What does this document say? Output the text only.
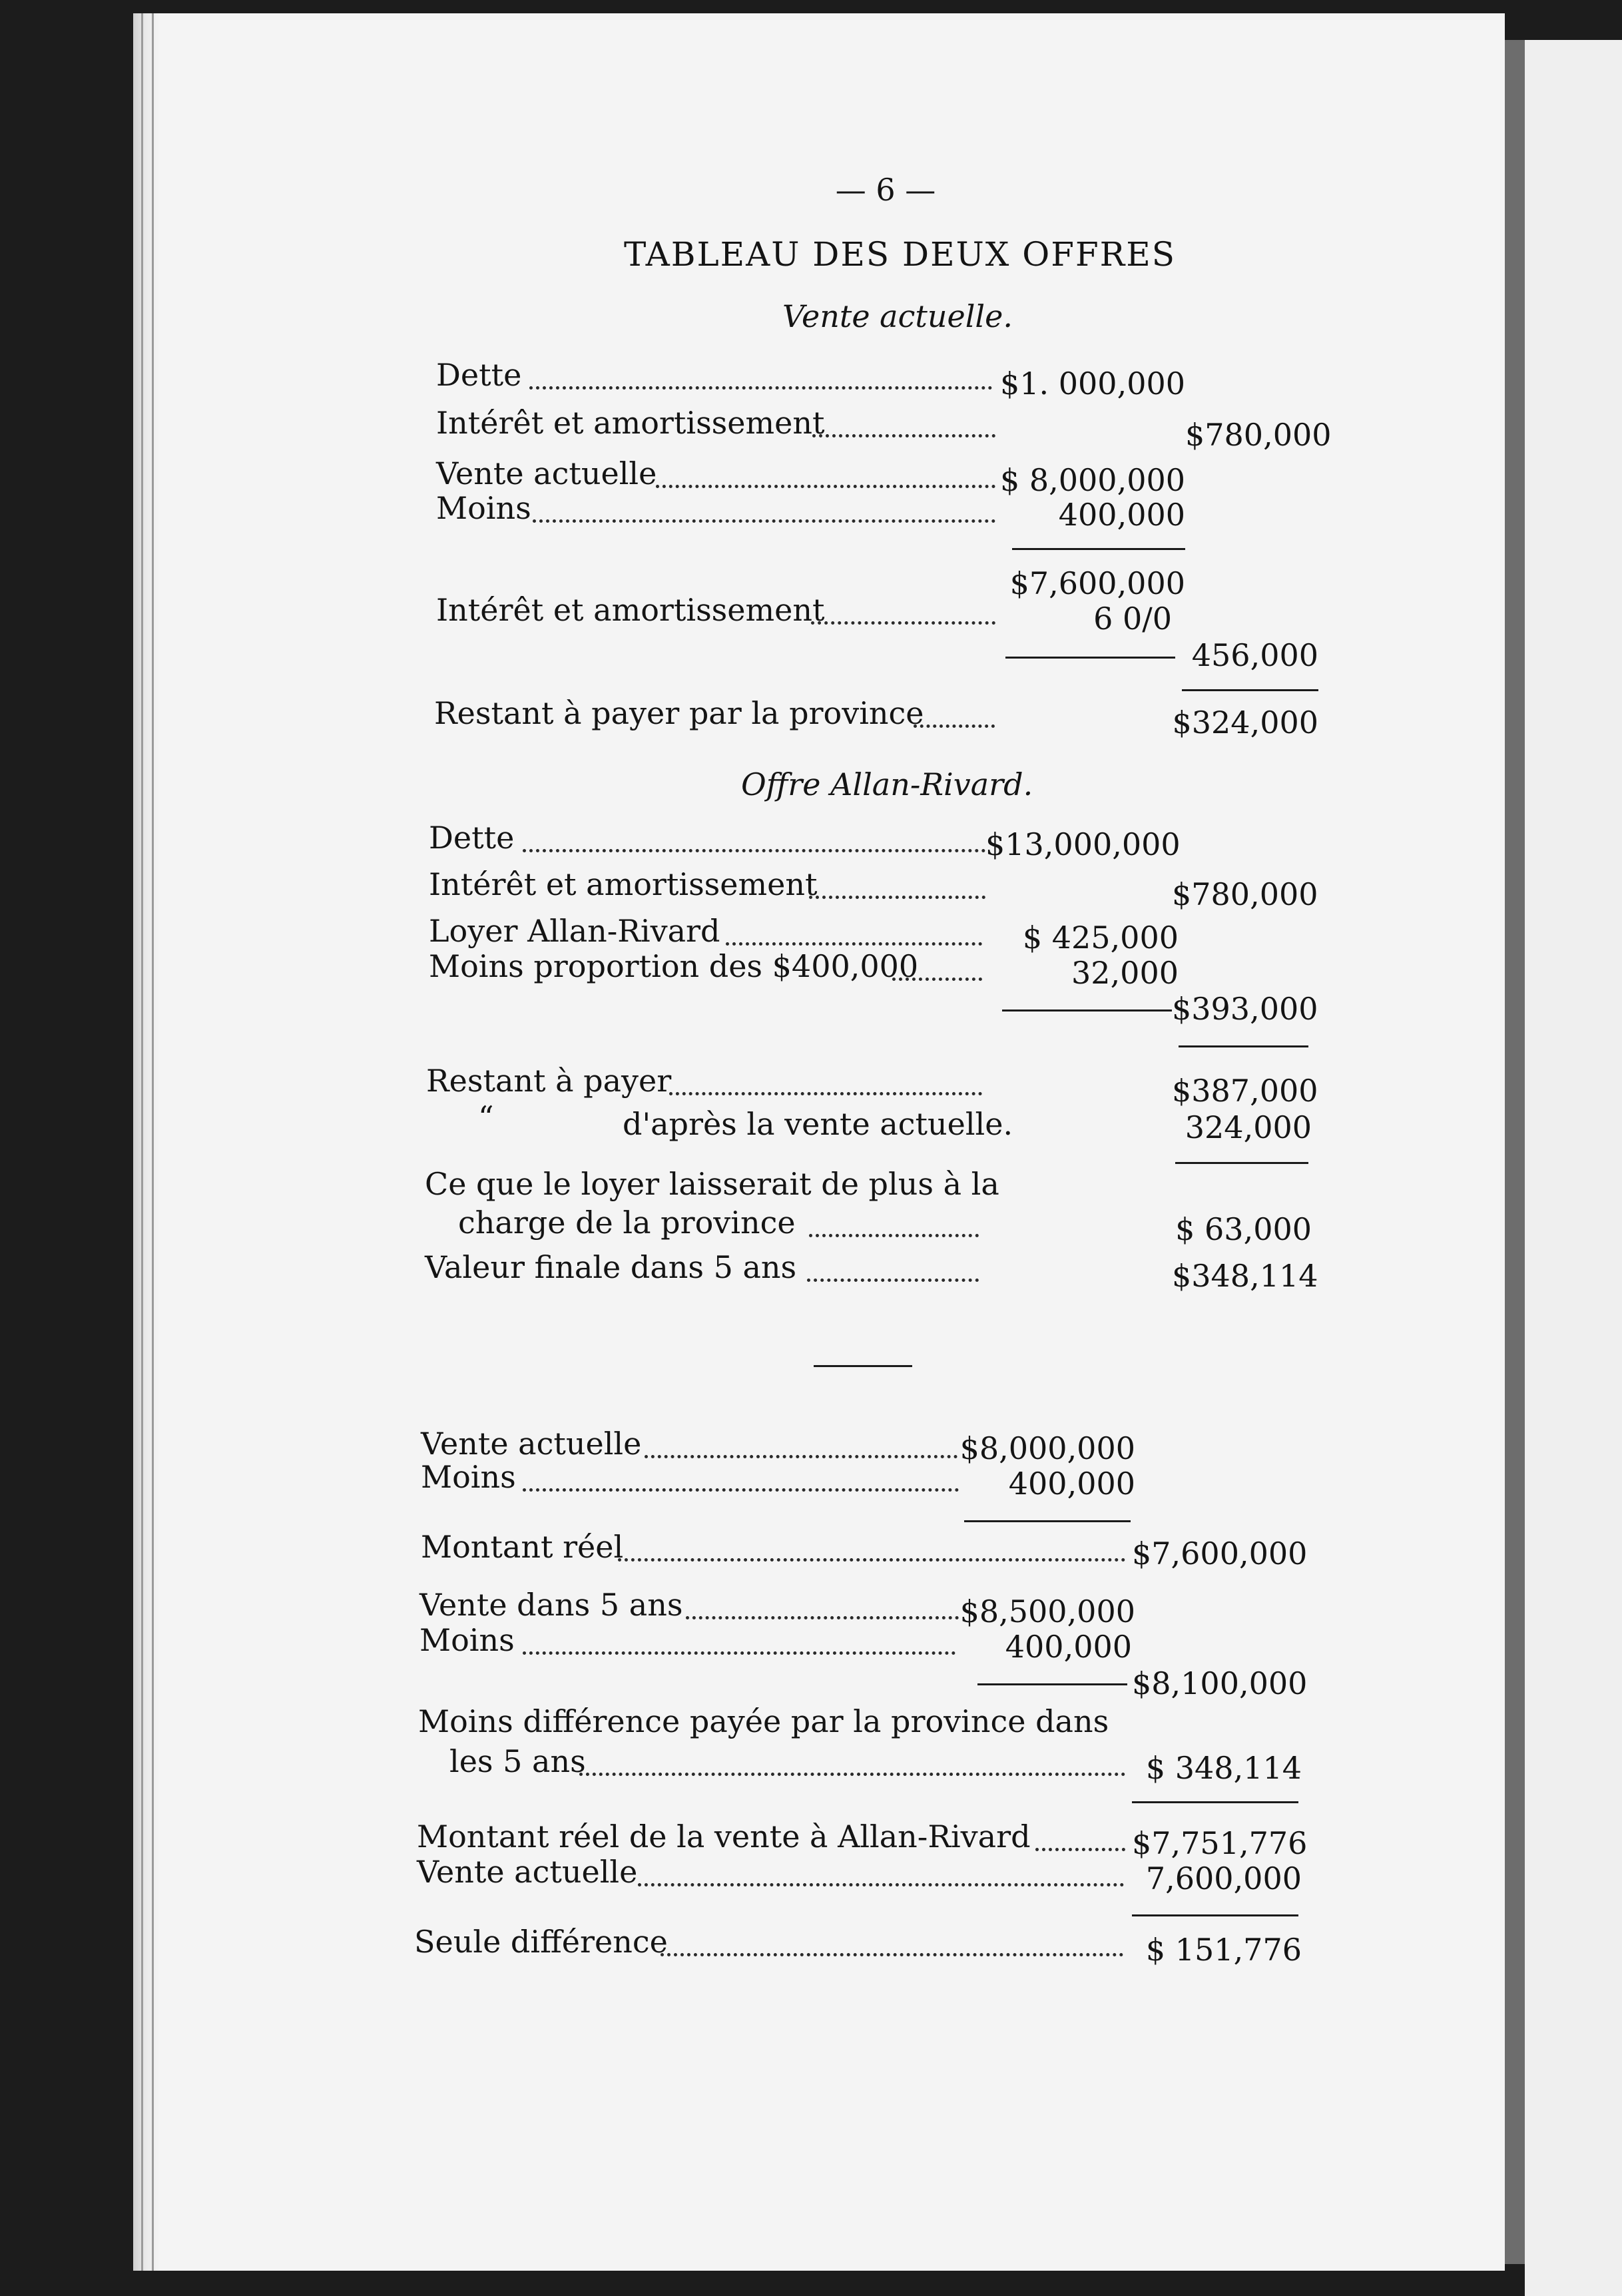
— 6 —
TABLEAU DES DEUX OFFRES
Vente actuelle.
Dette	$1. 000,000
Intérêt et amortissement	$780,000
Vente actuelle	$ 8,000,000
Moins	400,000
$7,600,000
Intérêt et amortissement	6 0/0
456,000
Restant à payer par la province	$324,000
Offre Allan-Rivard.
Dette	$13,000,000
Intérêt et amortissement	$780,000
Loyer Allan-Rivard	$ 425,000
Moins proportion des $400,000	32,000
$393,000
Restant à payer	$387,000
“	d'après la vente actuelle.	324,000
Ce que le loyer laisserait de plus à la
charge de la province	$ 63,000
Valeur finale dans 5 ans	$348,114
Vente actuelle	$8,000,000
Moins	400,000
Montant réel	$7,600,000
Vente dans 5 ans	$8,500,000
Moins	400,000
$8,100,000
Moins différence payée par la province dans
les 5 ans	$ 348,114
Montant réel de la vente à Allan-Rivard	$7,751,776
Vente actuelle	7,600,000
Seule différence	$ 151,776
